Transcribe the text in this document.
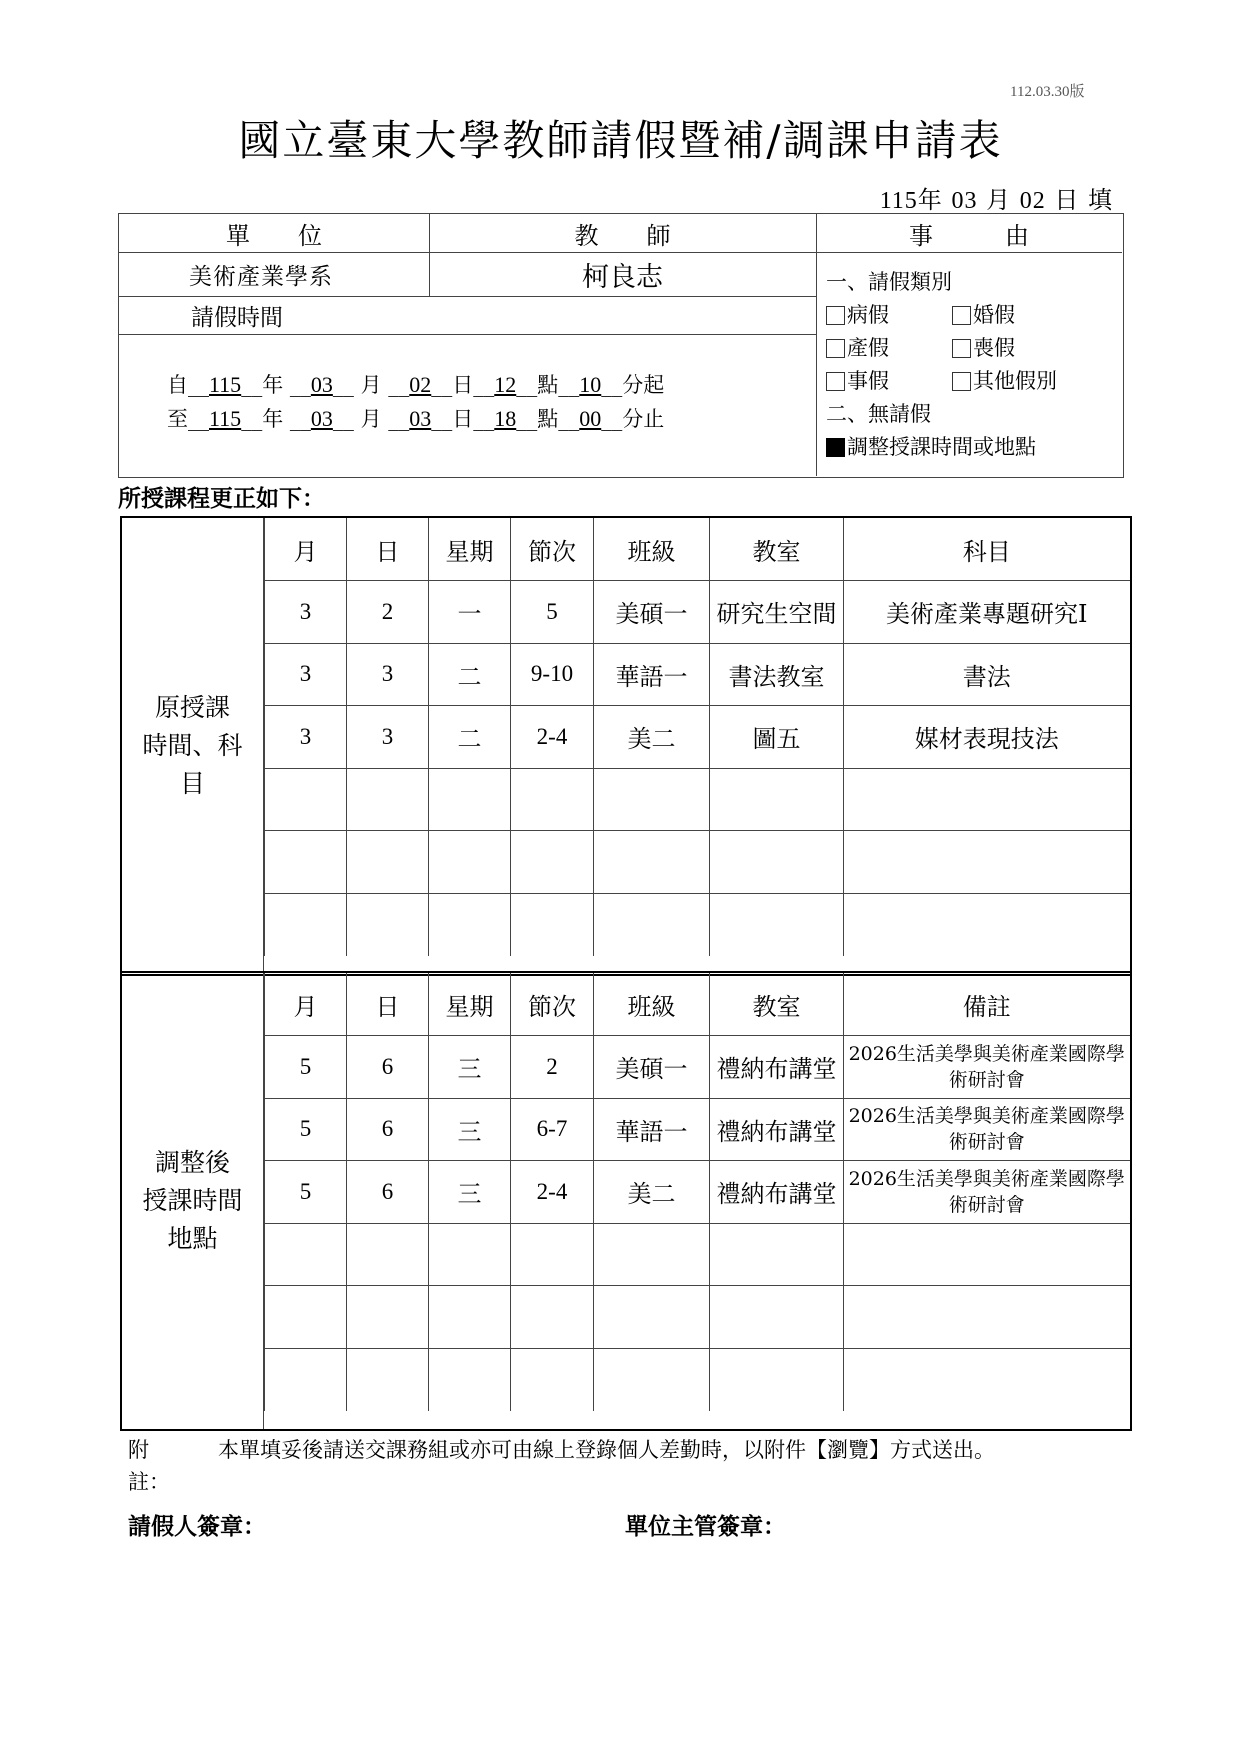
112.03.30版
國立臺東大學教師請假暨補/調課申請表
115年 03 月 02 日 填
單　　位	教　　師	事　　　由
美術產業學系	柯良志
請假時間
自__115__年 __03__ 月 __02__日__12__點__10__分起
至__115__年 __03__ 月 __03__日__18__點__00__分止
一、請假類別
病假	婚假
產假	喪假
事假	其他假別
二、無請假
調整授課時間或地點
所授課程更正如下：
原授課
時間、科
目
月	日	星期	節次	班級	教室	科目
3	2	一	5	美碩一	研究生空間	美術產業專題研究Ⅰ
3	3	二	9-10	華語一	書法教室	書法
3	3	二	2-4	美二	圖五	媒材表現技法

調整後
授課時間
地點
月	日	星期	節次	班級	教室	備註
5	6	三	2	美碩一	禮納布講堂	2026生活美學與美術產業國際學術研討會
5	6	三	6-7	華語一	禮納布講堂	2026生活美學與美術產業國際學術研討會
5	6	三	2-4	美二	禮納布講堂	2026生活美學與美術產業國際學術研討會

附註：
本單填妥後請送交課務組或亦可由線上登錄個人差勤時，以附件【瀏覽】方式送出。
請假人簽章：	單位主管簽章：
